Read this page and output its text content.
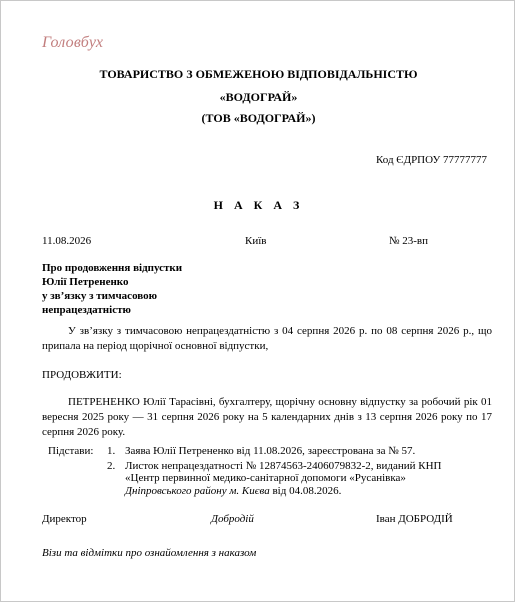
Головбух
ТОВАРИСТВО З ОБМЕЖЕНОЮ ВІДПОВІДАЛЬНІСТЮ
«ВОДОГРАЙ»
(ТОВ «ВОДОГРАЙ»)
Код ЄДРПОУ 77777777
Н А К А З
11.08.2026	Київ	№ 23-вп
Про продовження відпустки
Юлії Петрененко
у зв’язку з тимчасовою
непрацездатністю
У зв’язку з тимчасовою непрацездатністю з 04 серпня 2026 р. по 08 серпня 2026 р., що припала на період щорічної основної відпустки,
ПРОДОВЖИТИ:
ПЕТРЕНЕНКО Юлії Тарасівні, бухгалтеру, щорічну основну відпустку за робочий рік 01 вересня 2025 року — 31 серпня 2026 року на 5 календарних днів з 13 серпня 2026 року по 17 серпня 2026 року.
Підстави: 1. Заява Юлії Петрененко від 11.08.2026, зареєстрована за № 57.
2. Листок непрацездатності № 12874563-2406079832-2, виданий КНП
«Центр первинної медико-санітарної допомоги «Русанівка»
Дніпровського району м. Києва від 04.08.2026.
Директор	Добродій	Іван ДОБРОДІЙ
Візи та відмітки про ознайомлення з наказом
